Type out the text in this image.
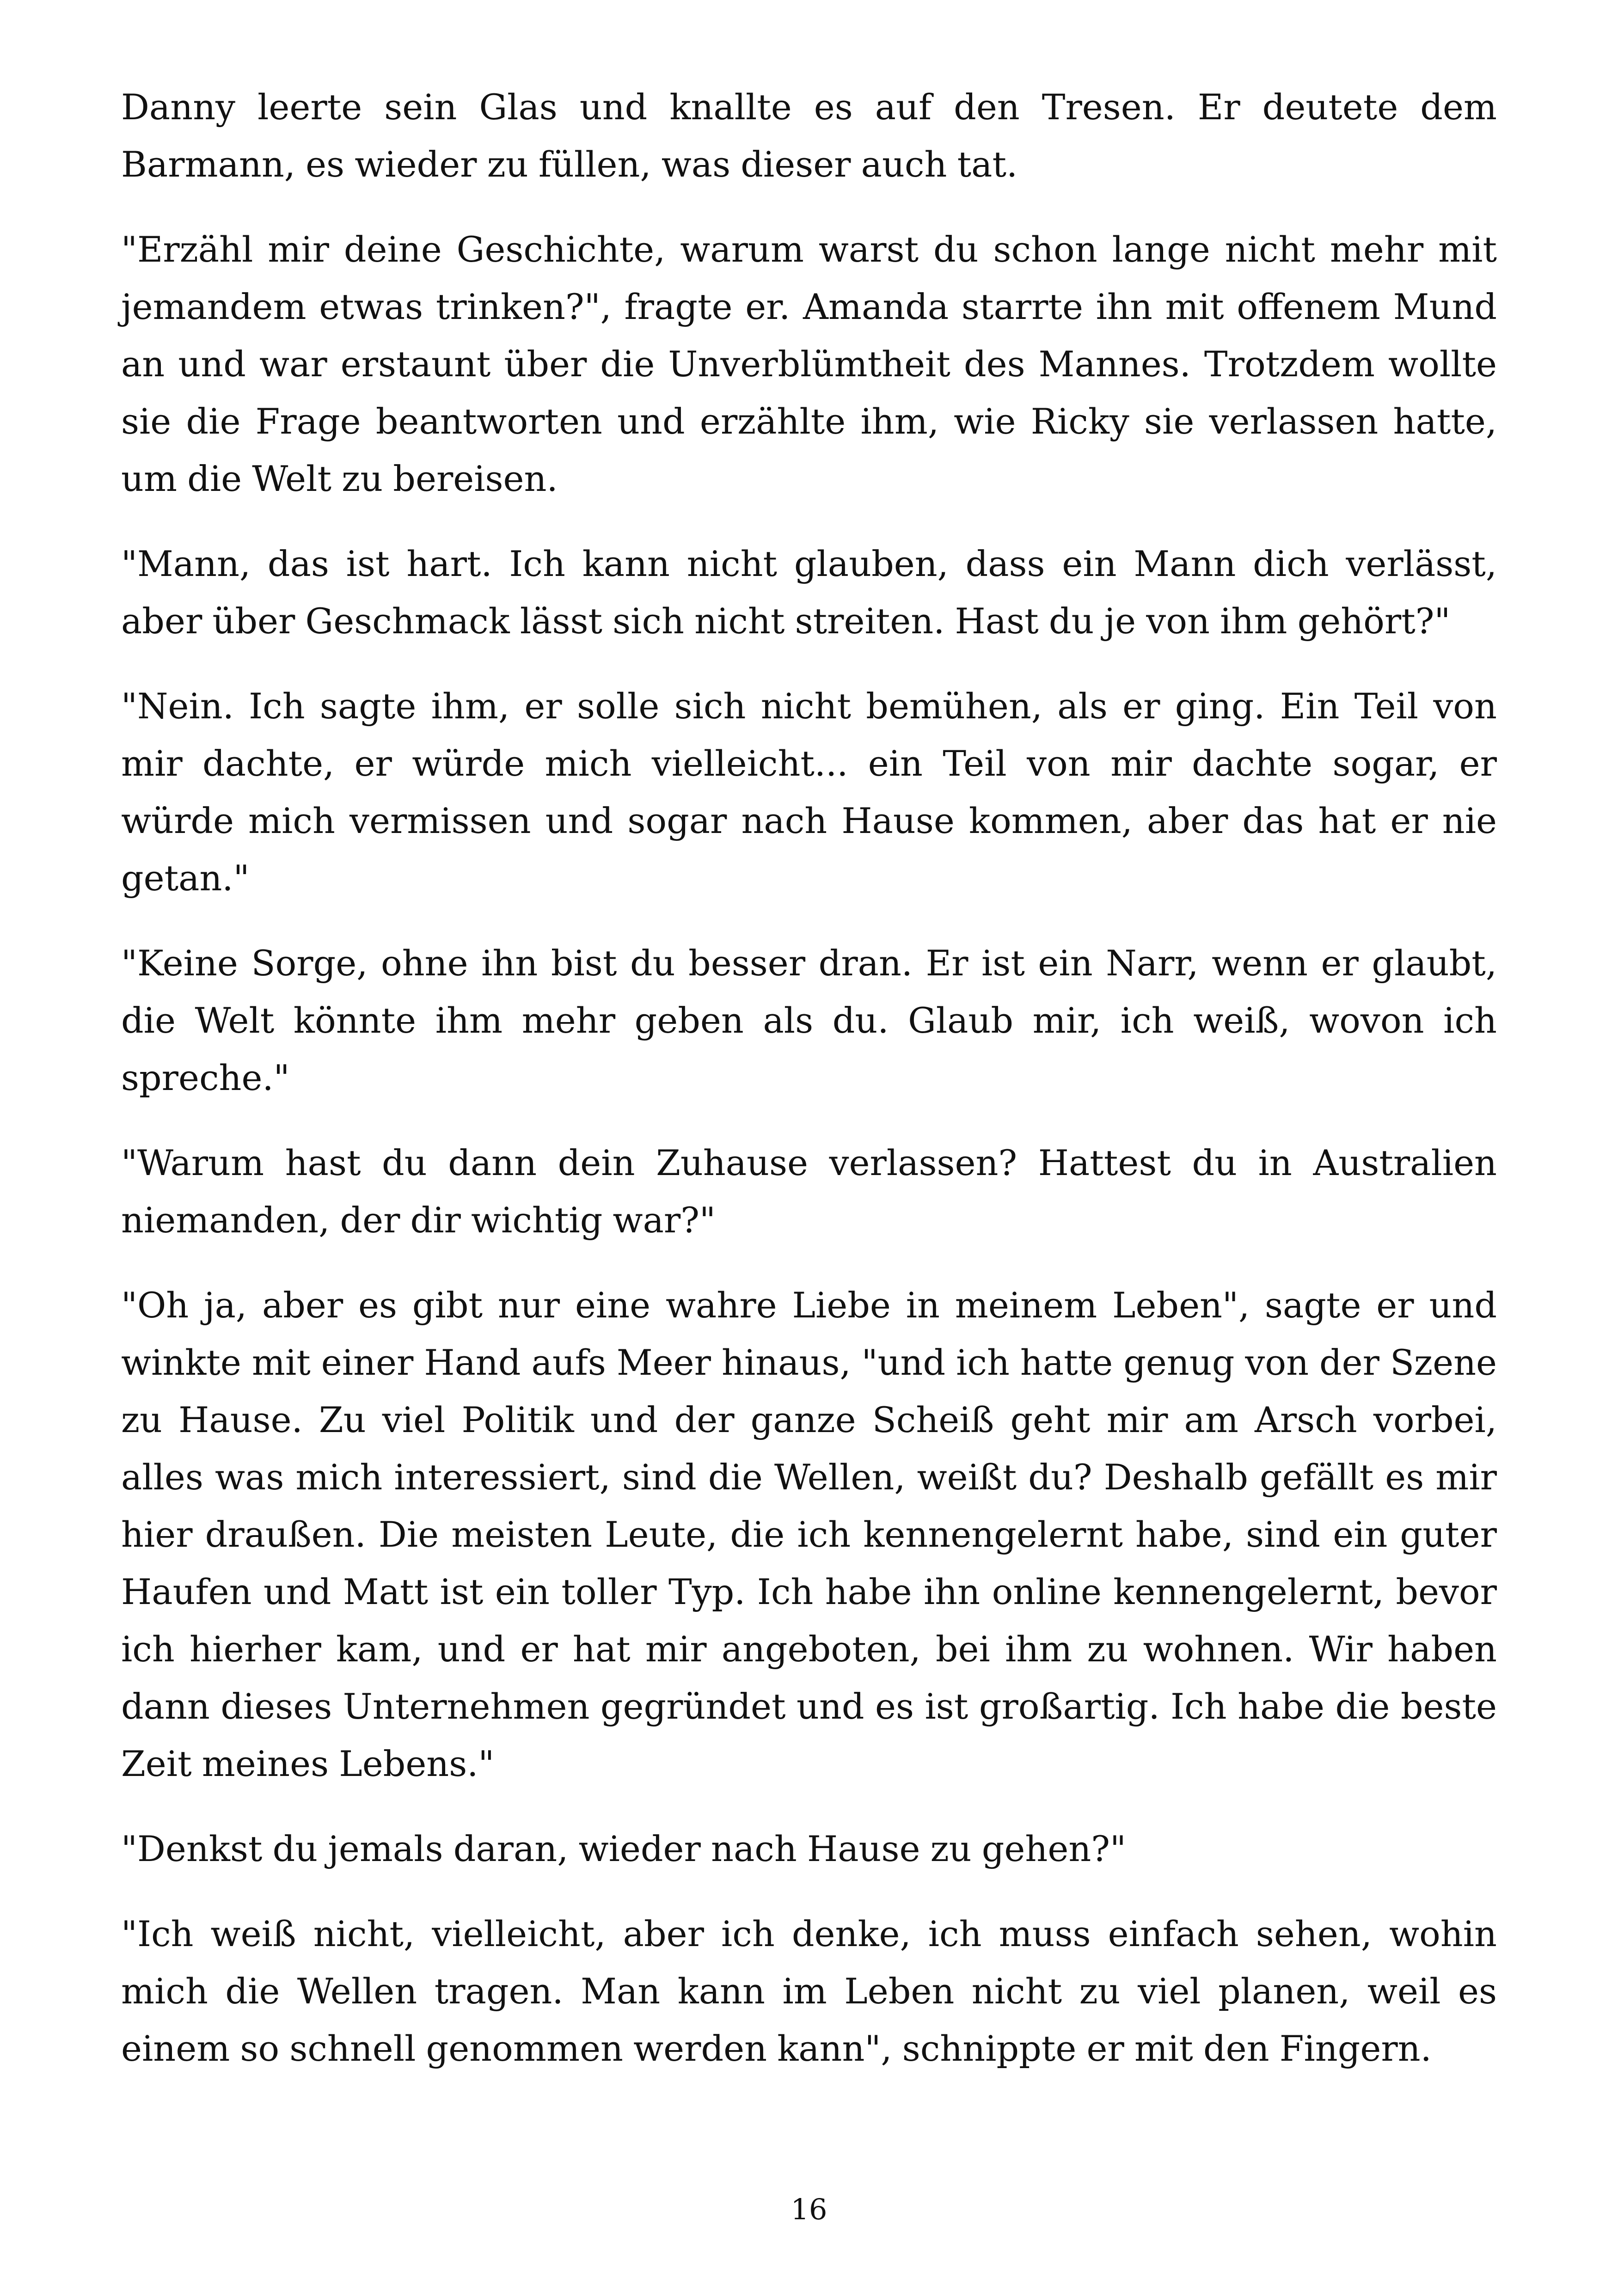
Danny leerte sein Glas und knallte es auf den Tresen. Er deutete dem Barmann, es wieder zu füllen, was dieser auch tat.

"Erzähl mir deine Geschichte, warum warst du schon lange nicht mehr mit jemandem etwas trinken?", fragte er. Amanda starrte ihn mit offenem Mund an und war erstaunt über die Unverblümtheit des Mannes. Trotzdem wollte sie die Frage beantworten und erzählte ihm, wie Ricky sie verlassen hatte, um die Welt zu bereisen.

"Mann, das ist hart. Ich kann nicht glauben, dass ein Mann dich verlässt, aber über Geschmack lässt sich nicht streiten. Hast du je von ihm gehört?"

"Nein. Ich sagte ihm, er solle sich nicht bemühen, als er ging. Ein Teil von mir dachte, er würde mich vielleicht... ein Teil von mir dachte sogar, er würde mich vermissen und sogar nach Hause kommen, aber das hat er nie getan."

"Keine Sorge, ohne ihn bist du besser dran. Er ist ein Narr, wenn er glaubt, die Welt könnte ihm mehr geben als du. Glaub mir, ich weiß, wovon ich spreche."

"Warum hast du dann dein Zuhause verlassen? Hattest du in Australien niemanden, der dir wichtig war?"

"Oh ja, aber es gibt nur eine wahre Liebe in meinem Leben", sagte er und winkte mit einer Hand aufs Meer hinaus, "und ich hatte genug von der Szene zu Hause. Zu viel Politik und der ganze Scheiß geht mir am Arsch vorbei, alles was mich interessiert, sind die Wellen, weißt du? Deshalb gefällt es mir hier draußen. Die meisten Leute, die ich kennengelernt habe, sind ein guter Haufen und Matt ist ein toller Typ. Ich habe ihn online kennengelernt, bevor ich hierher kam, und er hat mir angeboten, bei ihm zu wohnen. Wir haben dann dieses Unternehmen gegründet und es ist großartig. Ich habe die beste Zeit meines Lebens."

"Denkst du jemals daran, wieder nach Hause zu gehen?"

"Ich weiß nicht, vielleicht, aber ich denke, ich muss einfach sehen, wohin mich die Wellen tragen. Man kann im Leben nicht zu viel planen, weil es einem so schnell genommen werden kann", schnippte er mit den Fingern.

16
